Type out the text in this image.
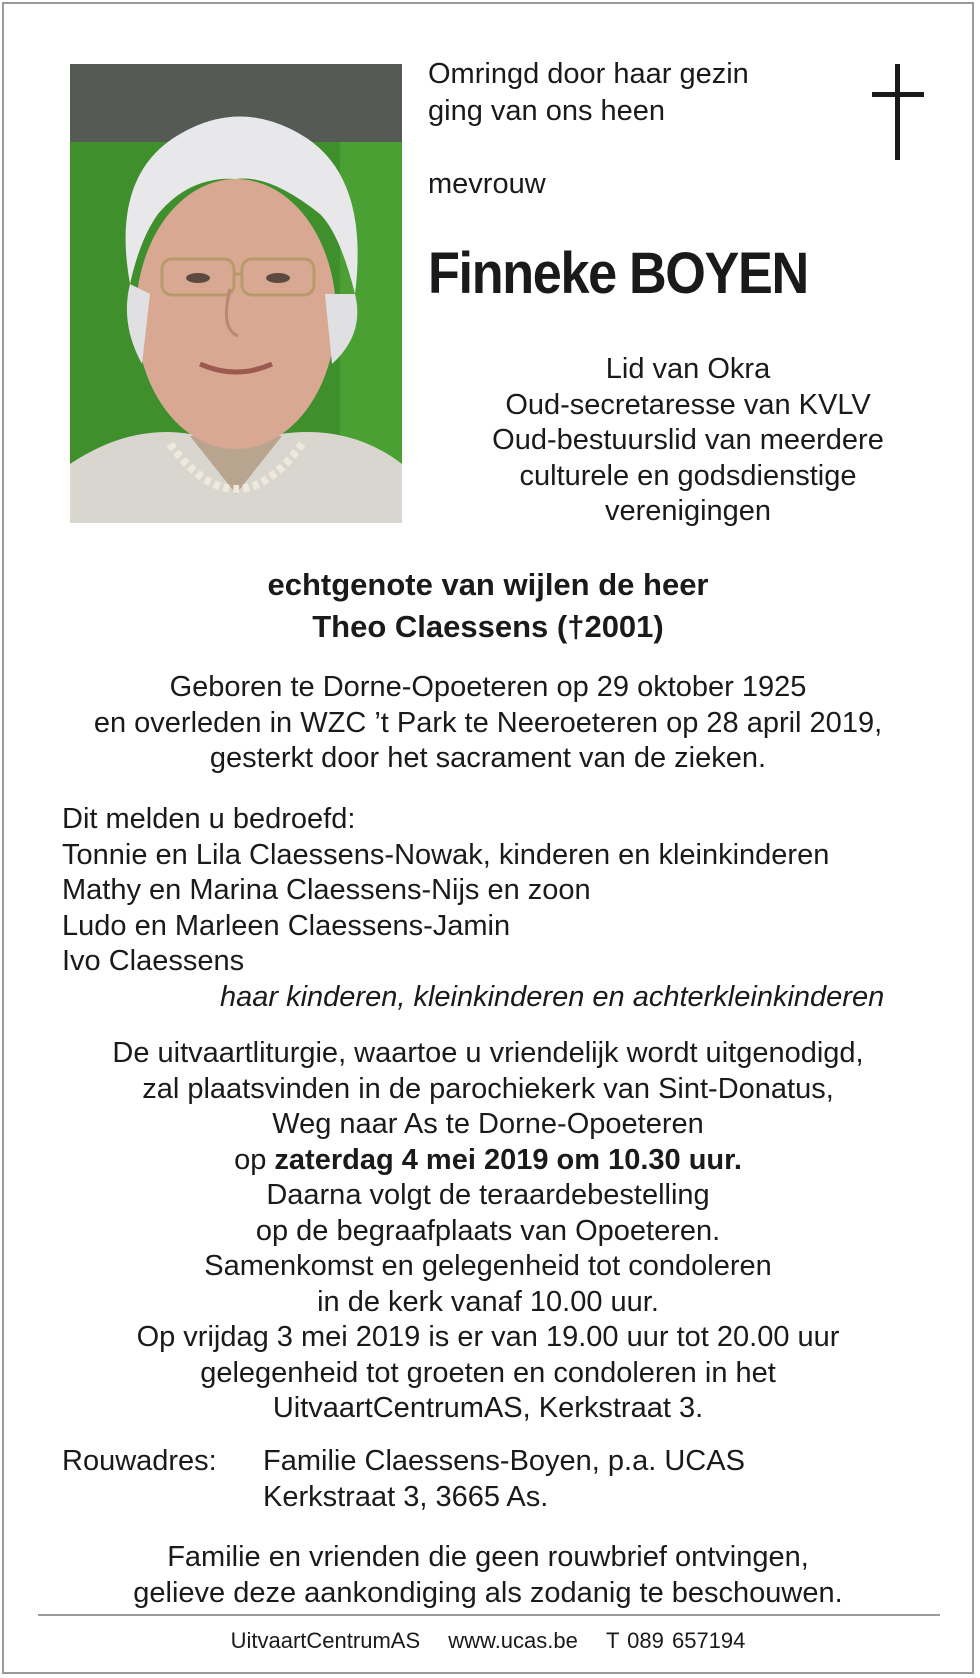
Omringd door haar gezin
ging van ons heen
mevrouw
Finneke BOYEN
Lid van Okra
Oud-secretaresse van KVLV
Oud-bestuurslid van meerdere
culturele en godsdienstige
verenigingen
echtgenote van wijlen de heer
Theo Claessens (†2001)
Geboren te Dorne-Opoeteren op 29 oktober 1925
en overleden in WZC ’t Park te Neeroeteren op 28 april 2019,
gesterkt door het sacrament van de zieken.
Dit melden u bedroefd:
Tonnie en Lila Claessens-Nowak, kinderen en kleinkinderen
Mathy en Marina Claessens-Nijs en zoon
Ludo en Marleen Claessens-Jamin
Ivo Claessens
haar kinderen, kleinkinderen en achterkleinkinderen
De uitvaartliturgie, waartoe u vriendelijk wordt uitgenodigd,
zal plaatsvinden in de parochiekerk van Sint-Donatus,
Weg naar As te Dorne-Opoeteren
op zaterdag 4 mei 2019 om 10.30 uur.
Daarna volgt de teraardebestelling
op de begraafplaats van Opoeteren.
Samenkomst en gelegenheid tot condoleren
in de kerk vanaf 10.00 uur.
Op vrijdag 3 mei 2019 is er van 19.00 uur tot 20.00 uur
gelegenheid tot groeten en condoleren in het
UitvaartCentrumAS, Kerkstraat 3.
Rouwadres: Familie Claessens-Boyen, p.a. UCAS
Kerkstraat 3, 3665 As.
Familie en vrienden die geen rouwbrief ontvingen,
gelieve deze aankondiging als zodanig te beschouwen.
UitvaartCentrumAS www.ucas.be T 089 657194
